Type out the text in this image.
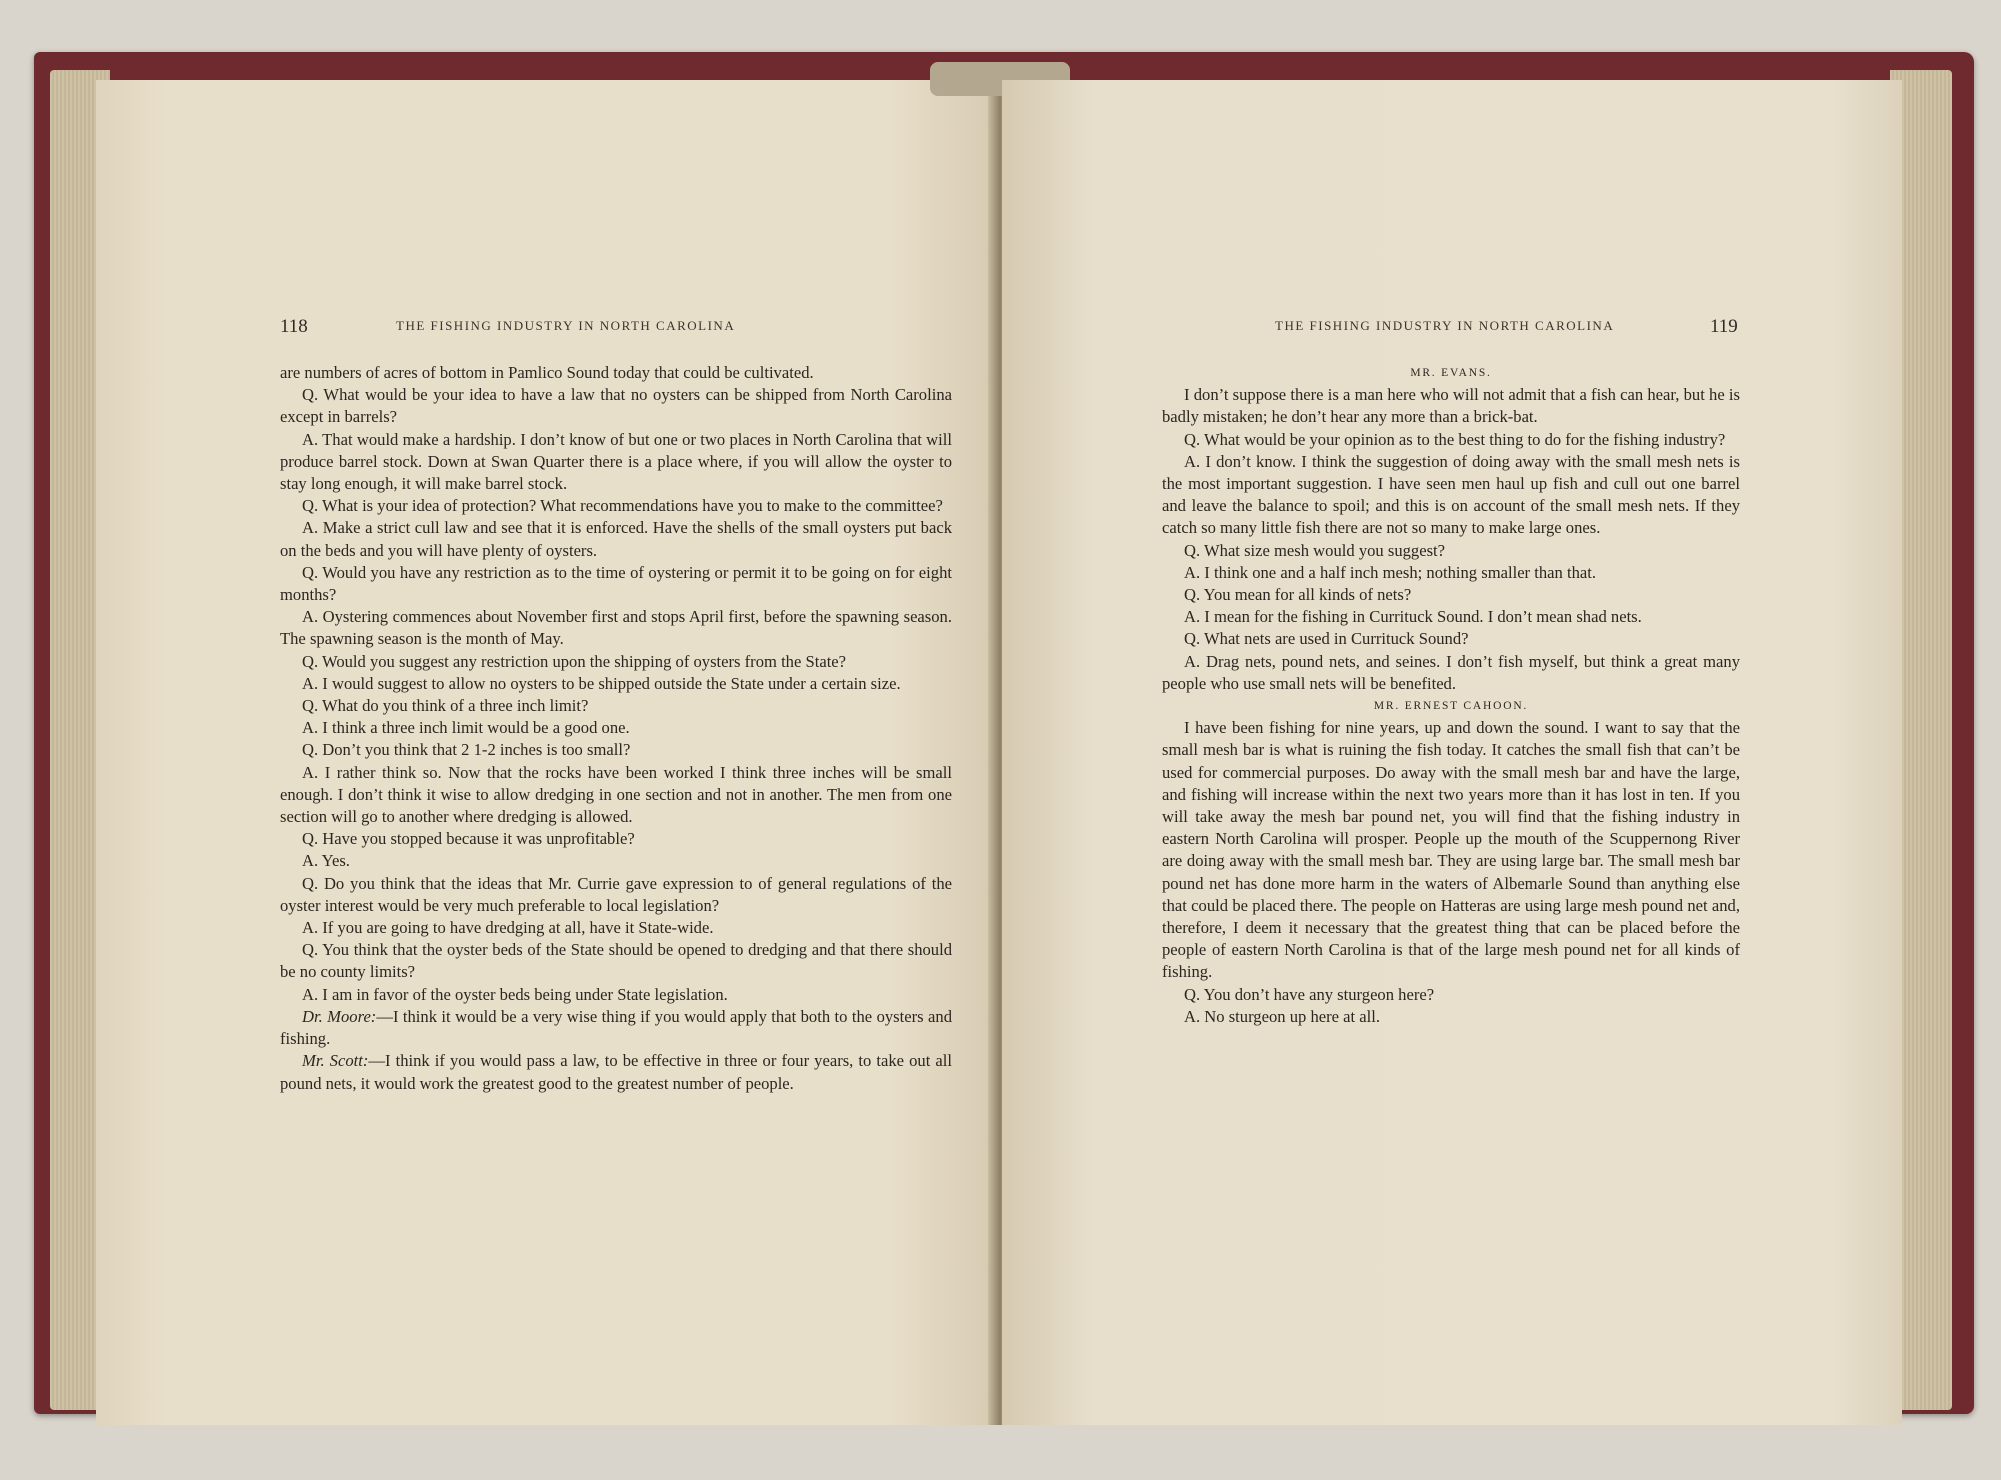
118	THE FISHING INDUSTRY IN NORTH CAROLINA

are numbers of acres of bottom in Pamlico Sound today that could be cultivated.

Q. What would be your idea to have a law that no oysters can be shipped from North Carolina except in barrels?

A. That would make a hardship. I don’t know of but one or two places in North Carolina that will produce barrel stock. Down at Swan Quarter there is a place where, if you will allow the oyster to stay long enough, it will make barrel stock.

Q. What is your idea of protection? What recommendations have you to make to the committee?

A. Make a strict cull law and see that it is enforced. Have the shells of the small oysters put back on the beds and you will have plenty of oysters.

Q. Would you have any restriction as to the time of oystering or permit it to be going on for eight months?

A. Oystering commences about November first and stops April first, before the spawning season. The spawning season is the month of May.

Q. Would you suggest any restriction upon the shipping of oysters from the State?

A. I would suggest to allow no oysters to be shipped outside the State under a certain size.

Q. What do you think of a three inch limit?

A. I think a three inch limit would be a good one.

Q. Don’t you think that 2 1-2 inches is too small?

A. I rather think so. Now that the rocks have been worked I think three inches will be small enough. I don’t think it wise to allow dredging in one section and not in another. The men from one section will go to another where dredging is allowed.

Q. Have you stopped because it was unprofitable?

A. Yes.

Q. Do you think that the ideas that Mr. Currie gave expression to of general regulations of the oyster interest would be very much preferable to local legislation?

A. If you are going to have dredging at all, have it State-wide.

Q. You think that the oyster beds of the State should be opened to dredging and that there should be no county limits?

A. I am in favor of the oyster beds being under State legislation.

Dr. Moore:—I think it would be a very wise thing if you would apply that both to the oysters and fishing.

Mr. Scott:—I think if you would pass a law, to be effective in three or four years, to take out all pound nets, it would work the greatest good to the greatest number of people.

THE FISHING INDUSTRY IN NORTH CAROLINA	119

MR. EVANS.

I don’t suppose there is a man here who will not admit that a fish can hear, but he is badly mistaken; he don’t hear any more than a brick-bat.

Q. What would be your opinion as to the best thing to do for the fishing industry?

A. I don’t know. I think the suggestion of doing away with the small mesh nets is the most important suggestion. I have seen men haul up fish and cull out one barrel and leave the balance to spoil; and this is on account of the small mesh nets. If they catch so many little fish there are not so many to make large ones.

Q. What size mesh would you suggest?

A. I think one and a half inch mesh; nothing smaller than that.

Q. You mean for all kinds of nets?

A. I mean for the fishing in Currituck Sound. I don’t mean shad nets.

Q. What nets are used in Currituck Sound?

A. Drag nets, pound nets, and seines. I don’t fish myself, but think a great many people who use small nets will be benefited.

MR. ERNEST CAHOON.

I have been fishing for nine years, up and down the sound. I want to say that the small mesh bar is what is ruining the fish today. It catches the small fish that can’t be used for commercial purposes. Do away with the small mesh bar and have the large, and fishing will increase within the next two years more than it has lost in ten. If you will take away the mesh bar pound net, you will find that the fishing industry in eastern North Carolina will prosper. People up the mouth of the Scuppernong River are doing away with the small mesh bar. They are using large bar. The small mesh bar pound net has done more harm in the waters of Albemarle Sound than anything else that could be placed there. The people on Hatteras are using large mesh pound net and, therefore, I deem it necessary that the greatest thing that can be placed before the people of eastern North Carolina is that of the large mesh pound net for all kinds of fishing.

Q. You don’t have any sturgeon here?

A. No sturgeon up here at all.
